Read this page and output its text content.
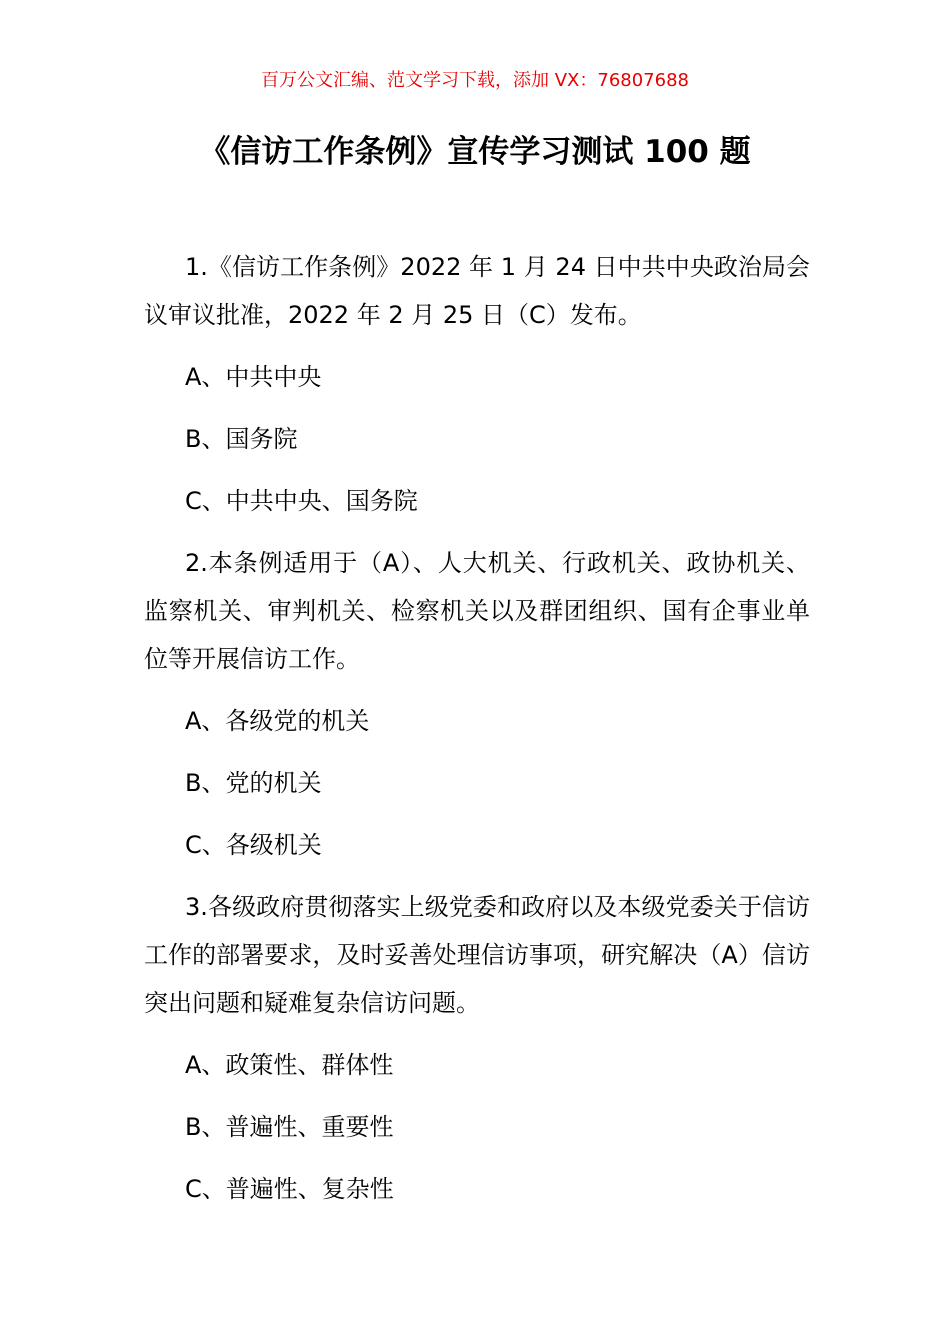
百万公文汇编、范文学习下载，添加 VX：76807688
《信访工作条例》宣传学习测试 100 题

1.《信访工作条例》2022 年 1 月 24 日中共中央政治局会议审议批准，2022 年 2 月 25 日（C）发布。

A、中共中央
B、国务院
C、中共中央、国务院

2.本条例适用于（A）、人大机关、行政机关、政协机关、监察机关、审判机关、检察机关以及群团组织、国有企事业单位等开展信访工作。

A、各级党的机关
B、党的机关
C、各级机关

3.各级政府贯彻落实上级党委和政府以及本级党委关于信访工作的部署要求，及时妥善处理信访事项，研究解决（A）信访突出问题和疑难复杂信访问题。

A、政策性、群体性
B、普遍性、重要性
C、普遍性、复杂性
